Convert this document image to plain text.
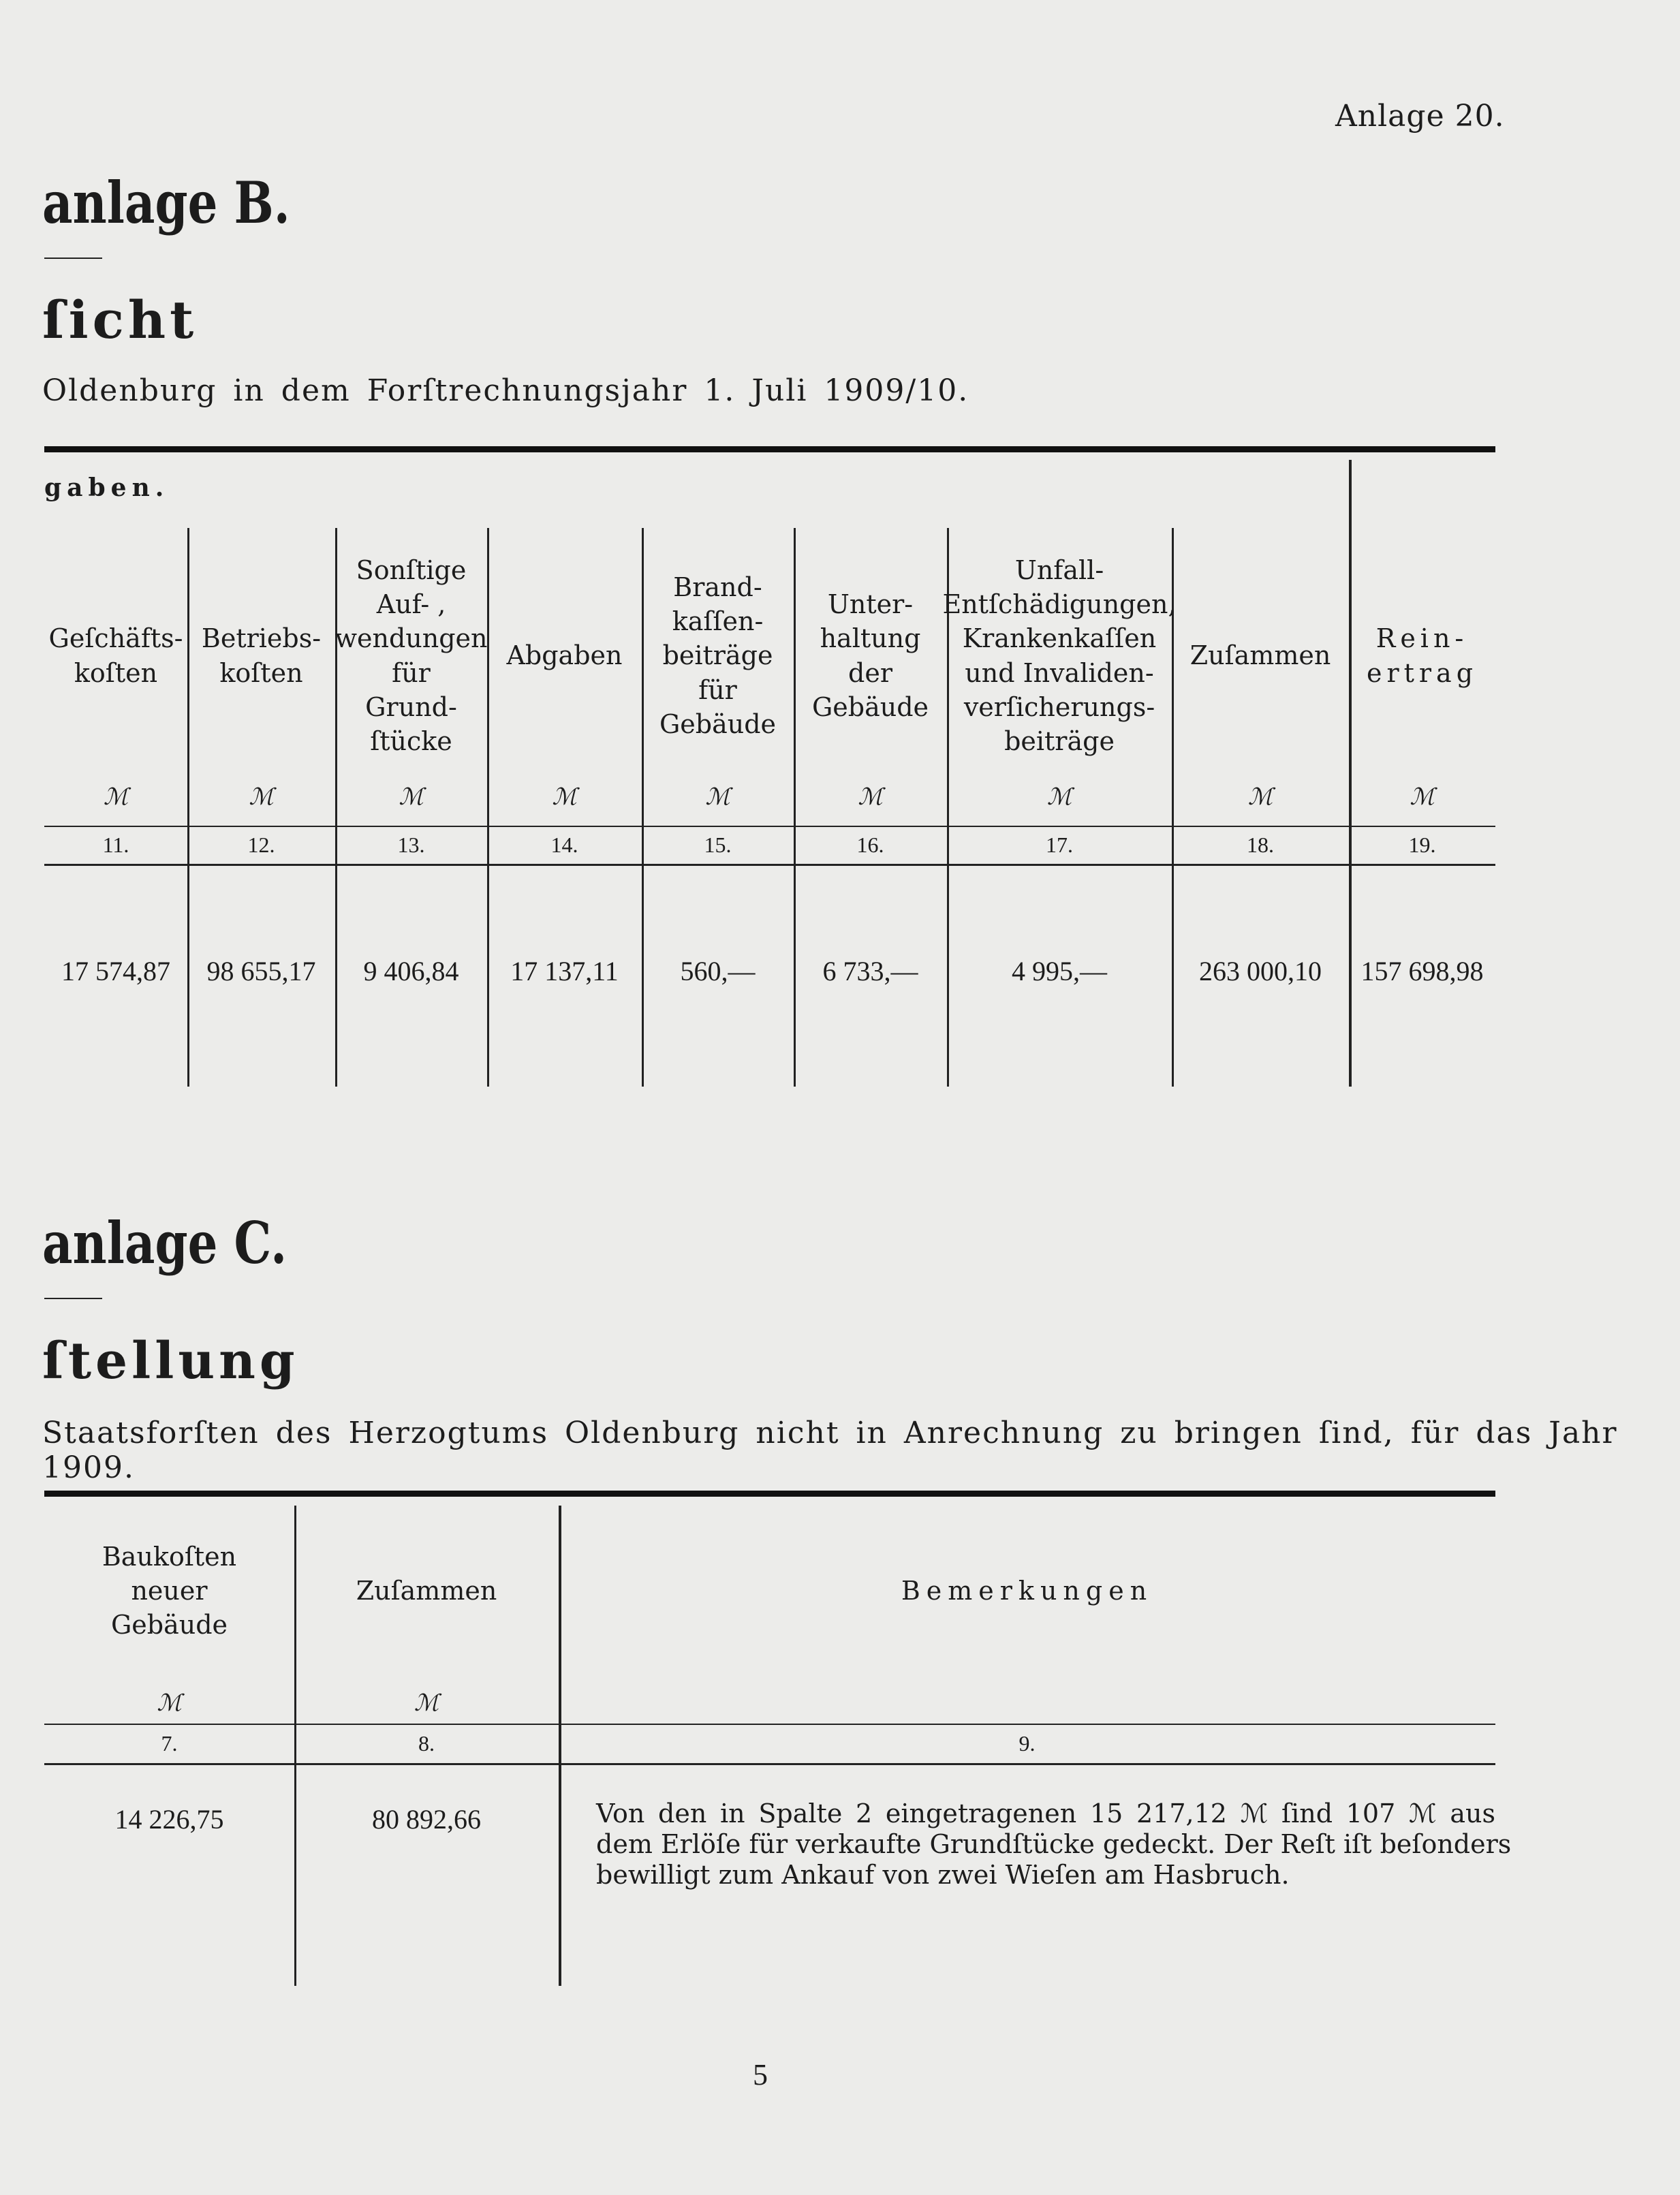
Anlage 20.
anlage B.
ſicht
Oldenburg in dem Forſtrechnungsjahr 1. Juli 1909/10.
gaben.
Geſchäfts-
koſten
ℳ
11.
17 574,87
Betriebs-
koſten
ℳ
12.
98 655,17
Sonſtige
Auf- ,
wendungen
für
Grund-
ſtücke
ℳ
13.
9 406,84
Abgaben
ℳ
14.
17 137,11
Brand-
kaſſen-
beiträge
für
Gebäude
ℳ
15.
560,—
Unter-
haltung
der
Gebäude
ℳ
16.
6 733,—
Unfall-
Entſchädigungen,
Krankenkaſſen
und Invaliden-
verſicherungs-
beiträge
ℳ
17.
4 995,—
Zuſammen
ℳ
18.
263 000,10
Rein-
ertrag
ℳ
19.
157 698,98
anlage C.
ſtellung
Staatsforſten des Herzogtums Oldenburg nicht in Anrechnung zu bringen ſind, für das Jahr 1909.
Baukoſten
neuer
Gebäude
ℳ
7.
Zuſammen
ℳ
8.
Bemerkungen
9.
14 226,75	80 892,66	Von den in Spalte 2 eingetragenen 15 217,12 ℳ ſind 107 ℳ aus
dem Erlöſe für verkaufte Grundſtücke gedeckt. Der Reſt iſt beſonders
bewilligt zum Ankauf von zwei Wieſen am Hasbruch.
5
